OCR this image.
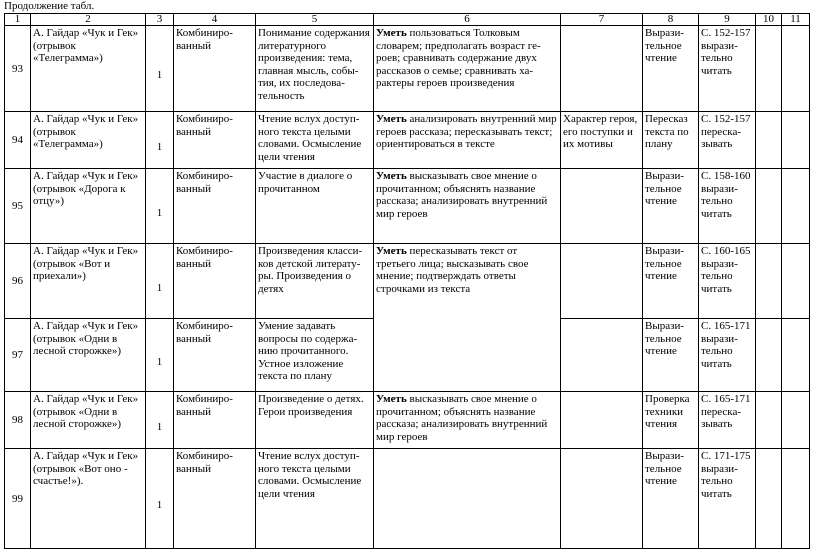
Продолжение табл.
1	2	3	4	5	6	7	8	9	10	11
93	А. Гайдар «Чук и Гек» (отрывок «Телеграмма»)	1	Комбиниро-ванный	Понимание содержания литературного произведения: тема, главная мысль, собы-тия, их последова-тельность	Уметь пользоваться Толковым словарем; предполагать возраст ге-роев; сравнивать содержание двух рассказов о семье; сравнивать ха-рактеры героев произведения		Вырази-тельное чтение	С. 152-157 вырази-тельно читать		
94	А. Гайдар «Чук и Гек» (отрывок «Телеграмма»)	1	Комбиниро-ванный	Чтение вслух доступ-ного текста целыми словами. Осмысление цели чтения	Уметь анализировать внутренний мир героев рассказа; пересказывать текст; ориентироваться в тексте	Характер героя, его поступки и их мотивы	Пересказ текста по плану	С. 152-157 переска-зывать		
95	А. Гайдар «Чук и Гек» (отрывок «Дорога к отцу»)	1	Комбиниро-ванный	Участие в диалоге о прочитанном	Уметь высказывать свое мнение о прочитанном; объяснять название рассказа; анализировать внутренний мир героев		Вырази-тельное чтение	С. 158-160 вырази-тельно читать		
96	А. Гайдар «Чук и Гек» (отрывок «Вот и приехали»)	1	Комбиниро-ванный	Произведения класси-ков детской литерату-ры. Произведения о детях	Уметь пересказывать текст от третьего лица; высказывать свое мнение; подтверждать ответы строчками из текста		Вырази-тельное чтение	С. 160-165 вырази-тельно читать		
97	А. Гайдар «Чук и Гек» (отрывок «Одни в лесной сторожке»)	1	Комбиниро-ванный	Умение задавать вопросы по содержа-нию прочитанного. Устное изложение текста по плану			Вырази-тельное чтение	С. 165-171 вырази-тельно читать		
98	А. Гайдар «Чук и Гек» (отрывок «Одни в лесной сторожке»)	1	Комбиниро-ванный	Произведение о детях. Герои произведения	Уметь высказывать свое мнение о прочитанном; объяснять название рассказа; анализировать внутренний мир героев		Проверка техники чтения	С. 165-171 переска-зывать		
99	А. Гайдар «Чук и Гек» (отрывок «Вот оно - счастье!»).	1	Комбиниро-ванный	Чтение вслух доступ-ного текста целыми словами. Осмысление цели чтения			Вырази-тельное чтение	С. 171-175 вырази-тельно читать		
